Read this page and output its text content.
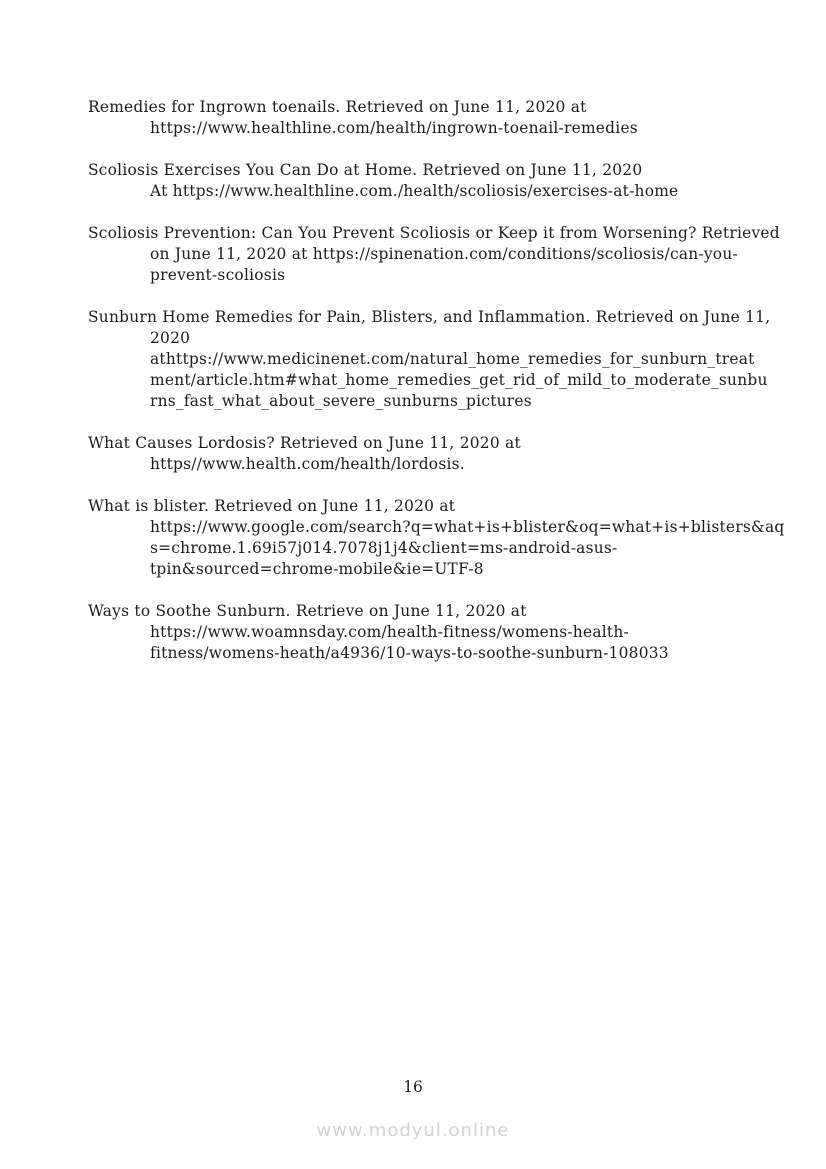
Remedies for Ingrown toenails. Retrieved on June 11, 2020 at
https://www.healthline.com/health/ingrown-toenail-remedies
Scoliosis Exercises You Can Do at Home. Retrieved on June 11, 2020
At https://www.healthline.com./health/scoliosis/exercises-at-home
Scoliosis Prevention: Can You Prevent Scoliosis or Keep it from Worsening? Retrieved
on June 11, 2020 at https://spinenation.com/conditions/scoliosis/can-you-
prevent-scoliosis
Sunburn Home Remedies for Pain, Blisters, and Inflammation. Retrieved on June 11,
2020
athttps://www.medicinenet.com/natural_home_remedies_for_sunburn_treat
ment/article.htm#what_home_remedies_get_rid_of_mild_to_moderate_sunbu
rns_fast_what_about_severe_sunburns_pictures
What Causes Lordosis? Retrieved on June 11, 2020 at
https//www.health.com/health/lordosis.
What is blister. Retrieved on June 11, 2020 at
https://www.google.com/search?q=what+is+blister&oq=what+is+blisters&aq
s=chrome.1.69i57j014.7078j1j4&client=ms-android-asus-
tpin&sourced=chrome-mobile&ie=UTF-8
Ways to Soothe Sunburn. Retrieve on June 11, 2020 at
https://www.woamnsday.com/health-fitness/womens-health-
fitness/womens-heath/a4936/10-ways-to-soothe-sunburn-108033
16
www.modyul.online
